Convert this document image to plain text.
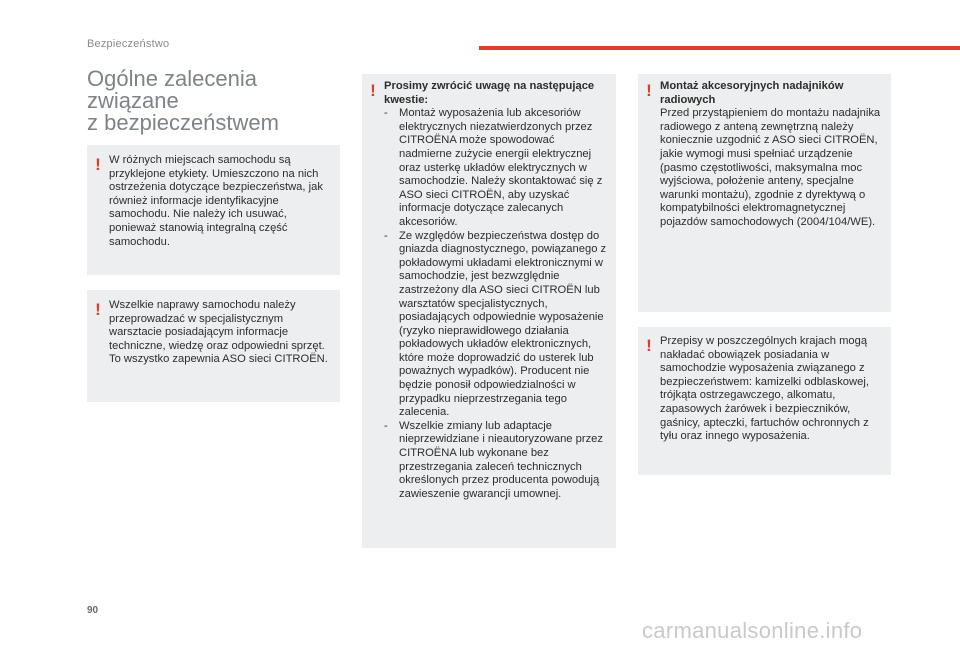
Bezpieczeństwo
Ogólne zalecenia
związane
z bezpieczeństwem
! W różnych miejscach samochodu są przyklejone etykiety. Umieszczono na nich ostrzeżenia dotyczące bezpieczeństwa, jak również informacje identyfikacyjne samochodu. Nie należy ich usuwać, ponieważ stanowią integralną część samochodu.

! Wszelkie naprawy samochodu należy przeprowadzać w specjalistycznym warsztacie posiadającym informacje techniczne, wiedzę oraz odpowiedni sprzęt. To wszystko zapewnia ASO sieci CITROËN.

! Prosimy zwrócić uwagę na następujące kwestie:
- Montaż wyposażenia lub akcesoriów elektrycznych niezatwierdzonych przez CITROËNA może spowodować nadmierne zużycie energii elektrycznej oraz usterkę układów elektrycznych w samochodzie. Należy skontaktować się z ASO sieci CITROËN, aby uzyskać informacje dotyczące zalecanych akcesoriów.
- Ze względów bezpieczeństwa dostęp do gniazda diagnostycznego, powiązanego z pokładowymi układami elektronicznymi w samochodzie, jest bezwzględnie zastrzeżony dla ASO sieci CITROËN lub warsztatów specjalistycznych, posiadających odpowiednie wyposażenie (ryzyko nieprawidłowego działania pokładowych układów elektronicznych, które może doprowadzić do usterek lub poważnych wypadków). Producent nie będzie ponosił odpowiedzialności w przypadku nieprzestrzegania tego zalecenia.
- Wszelkie zmiany lub adaptacje nieprzewidziane i nieautoryzowane przez CITROËNA lub wykonane bez przestrzegania zaleceń technicznych określonych przez producenta powodują zawieszenie gwarancji umownej.
! Montaż akcesoryjnych nadajników radiowych

Przed przystąpieniem do montażu nadajnika radiowego z anteną zewnętrzną należy koniecznie uzgodnić z ASO sieci CITROËN, jakie wymogi musi spełniać urządzenie (pasmo częstotliwości, maksymalna moc wyjściowa, położenie anteny, specjalne warunki montażu), zgodnie z dyrektywą o kompatybilności elektromagnetycznej pojazdów samochodowych (2004/104/WE).

! Przepisy w poszczególnych krajach mogą nakładać obowiązek posiadania w samochodzie wyposażenia związanego z bezpieczeństwem: kamizelki odblaskowej, trójkąta ostrzegawczego, alkomatu, zapasowych żarówek i bezpieczników, gaśnicy, apteczki, fartuchów ochronnych z tyłu oraz innego wyposażenia.

90
carmanualsonline.info
